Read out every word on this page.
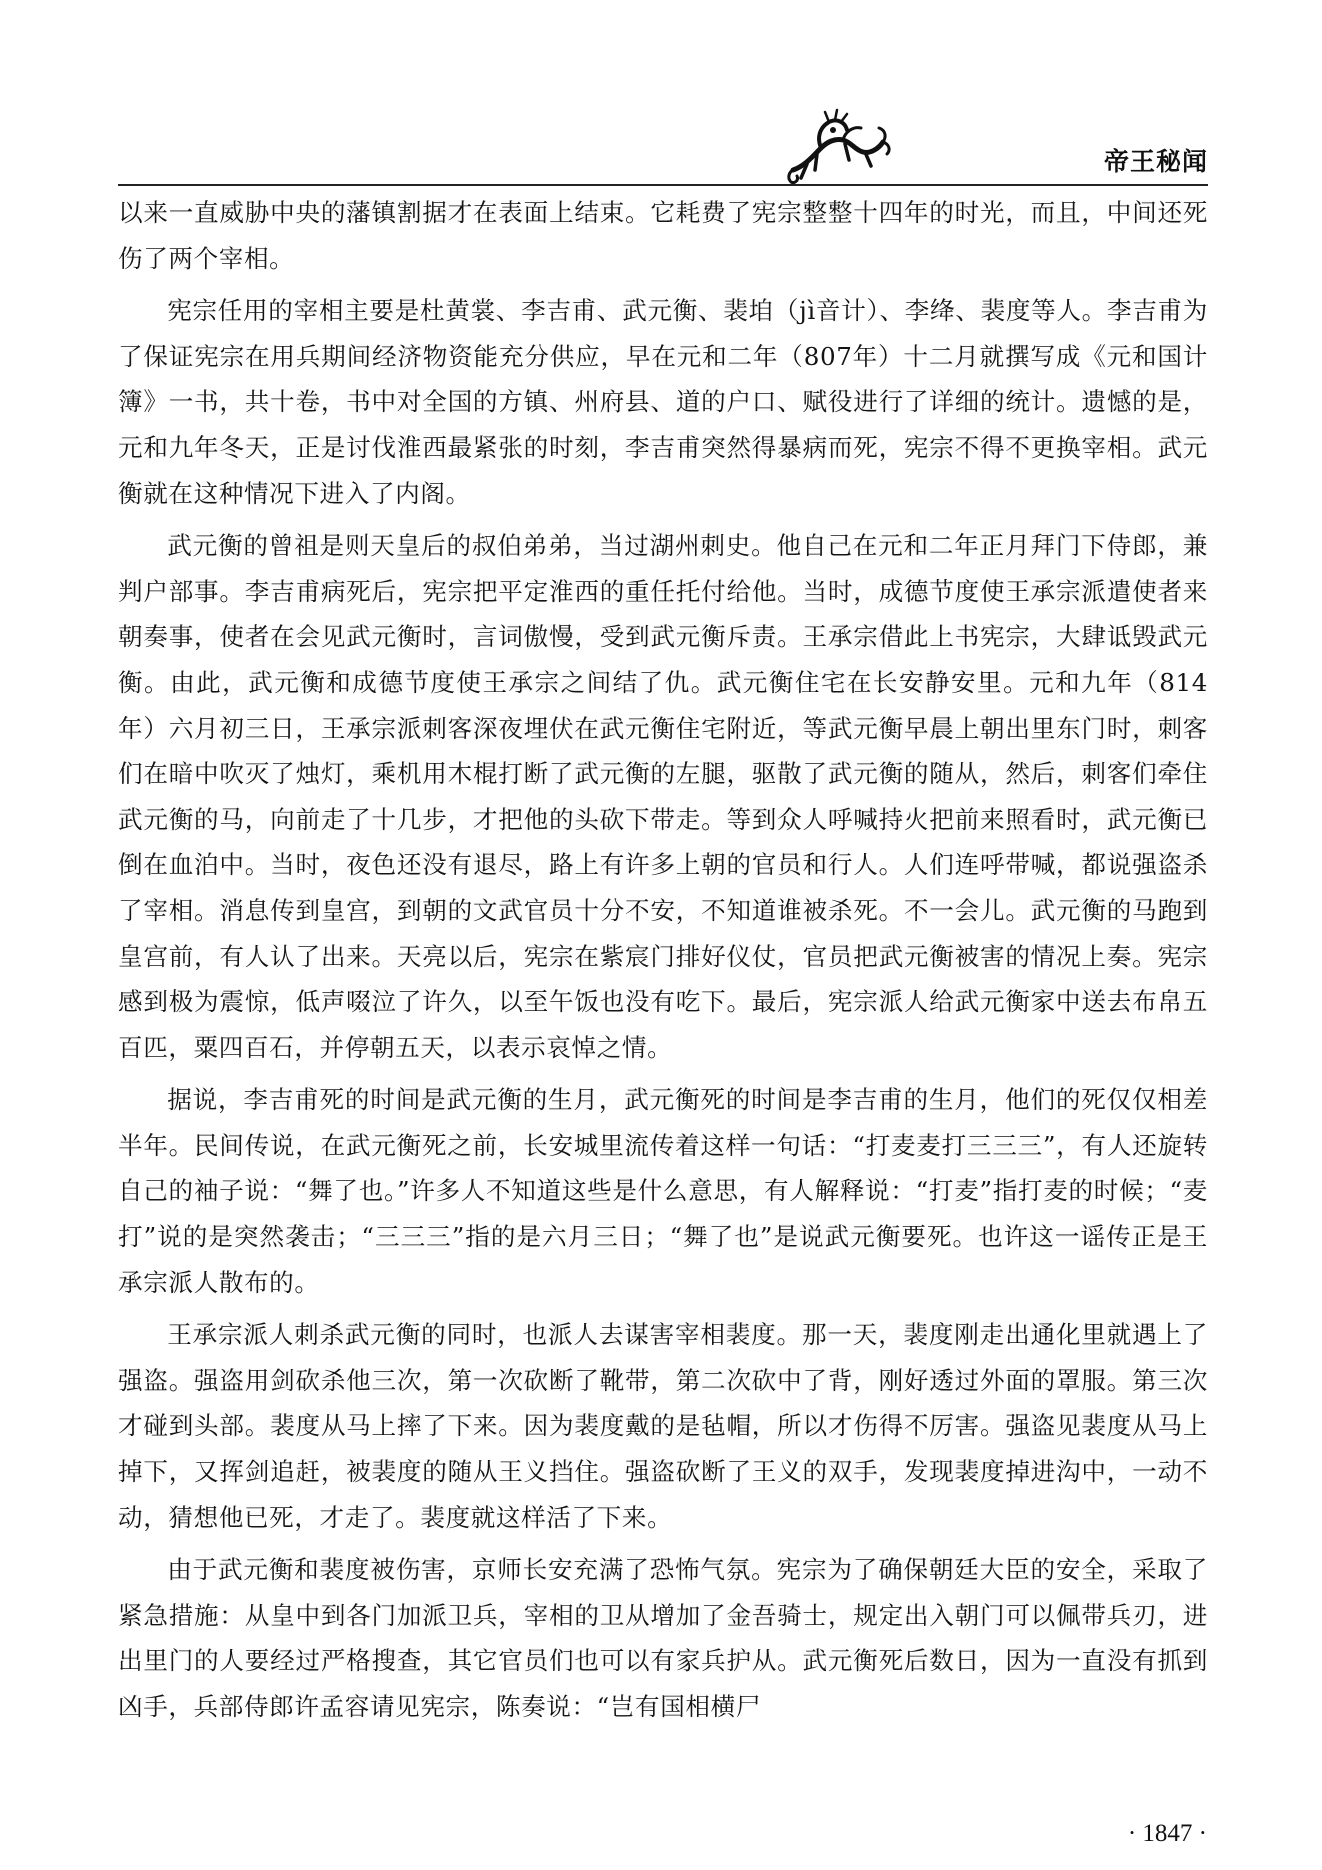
帝王秘闻

以来一直威胁中央的藩镇割据才在表面上结束。它耗费了宪宗整整十四年的时光，而且，中间还死伤了两个宰相。

宪宗任用的宰相主要是杜黄裳、李吉甫、武元衡、裴垍（jì音计）、李绛、裴度等人。李吉甫为了保证宪宗在用兵期间经济物资能充分供应，早在元和二年（807年）十二月就撰写成《元和国计簿》一书，共十卷，书中对全国的方镇、州府县、道的户口、赋役进行了详细的统计。遗憾的是，元和九年冬天，正是讨伐淮西最紧张的时刻，李吉甫突然得暴病而死，宪宗不得不更换宰相。武元衡就在这种情况下进入了内阁。

武元衡的曾祖是则天皇后的叔伯弟弟，当过湖州刺史。他自己在元和二年正月拜门下侍郎，兼判户部事。李吉甫病死后，宪宗把平定淮西的重任托付给他。当时，成德节度使王承宗派遣使者来朝奏事，使者在会见武元衡时，言词傲慢，受到武元衡斥责。王承宗借此上书宪宗，大肆诋毁武元衡。由此，武元衡和成德节度使王承宗之间结了仇。武元衡住宅在长安静安里。元和九年（814年）六月初三日，王承宗派刺客深夜埋伏在武元衡住宅附近，等武元衡早晨上朝出里东门时，刺客们在暗中吹灭了烛灯，乘机用木棍打断了武元衡的左腿，驱散了武元衡的随从，然后，刺客们牵住武元衡的马，向前走了十几步，才把他的头砍下带走。等到众人呼喊持火把前来照看时，武元衡已倒在血泊中。当时，夜色还没有退尽，路上有许多上朝的官员和行人。人们连呼带喊，都说强盗杀了宰相。消息传到皇宫，到朝的文武官员十分不安，不知道谁被杀死。不一会儿。武元衡的马跑到皇宫前，有人认了出来。天亮以后，宪宗在紫宸门排好仪仗，官员把武元衡被害的情况上奏。宪宗感到极为震惊，低声啜泣了许久，以至午饭也没有吃下。最后，宪宗派人给武元衡家中送去布帛五百匹，粟四百石，并停朝五天，以表示哀悼之情。

据说，李吉甫死的时间是武元衡的生月，武元衡死的时间是李吉甫的生月，他们的死仅仅相差半年。民间传说，在武元衡死之前，长安城里流传着这样一句话：“打麦麦打三三三”，有人还旋转自己的袖子说：“舞了也。”许多人不知道这些是什么意思，有人解释说：“打麦”指打麦的时候；“麦打”说的是突然袭击；“三三三”指的是六月三日；“舞了也”是说武元衡要死。也许这一谣传正是王承宗派人散布的。

王承宗派人刺杀武元衡的同时，也派人去谋害宰相裴度。那一天，裴度刚走出通化里就遇上了强盗。强盗用剑砍杀他三次，第一次砍断了靴带，第二次砍中了背，刚好透过外面的罩服。第三次才碰到头部。裴度从马上摔了下来。因为裴度戴的是毡帽，所以才伤得不厉害。强盗见裴度从马上掉下，又挥剑追赶，被裴度的随从王义挡住。强盗砍断了王义的双手，发现裴度掉进沟中，一动不动，猜想他已死，才走了。裴度就这样活了下来。

由于武元衡和裴度被伤害，京师长安充满了恐怖气氛。宪宗为了确保朝廷大臣的安全，采取了紧急措施：从皇中到各门加派卫兵，宰相的卫从增加了金吾骑士，规定出入朝门可以佩带兵刃，进出里门的人要经过严格搜查，其它官员们也可以有家兵护从。武元衡死后数日，因为一直没有抓到凶手，兵部侍郎许孟容请见宪宗，陈奏说：“岂有国相横尸

· 1847 ·
